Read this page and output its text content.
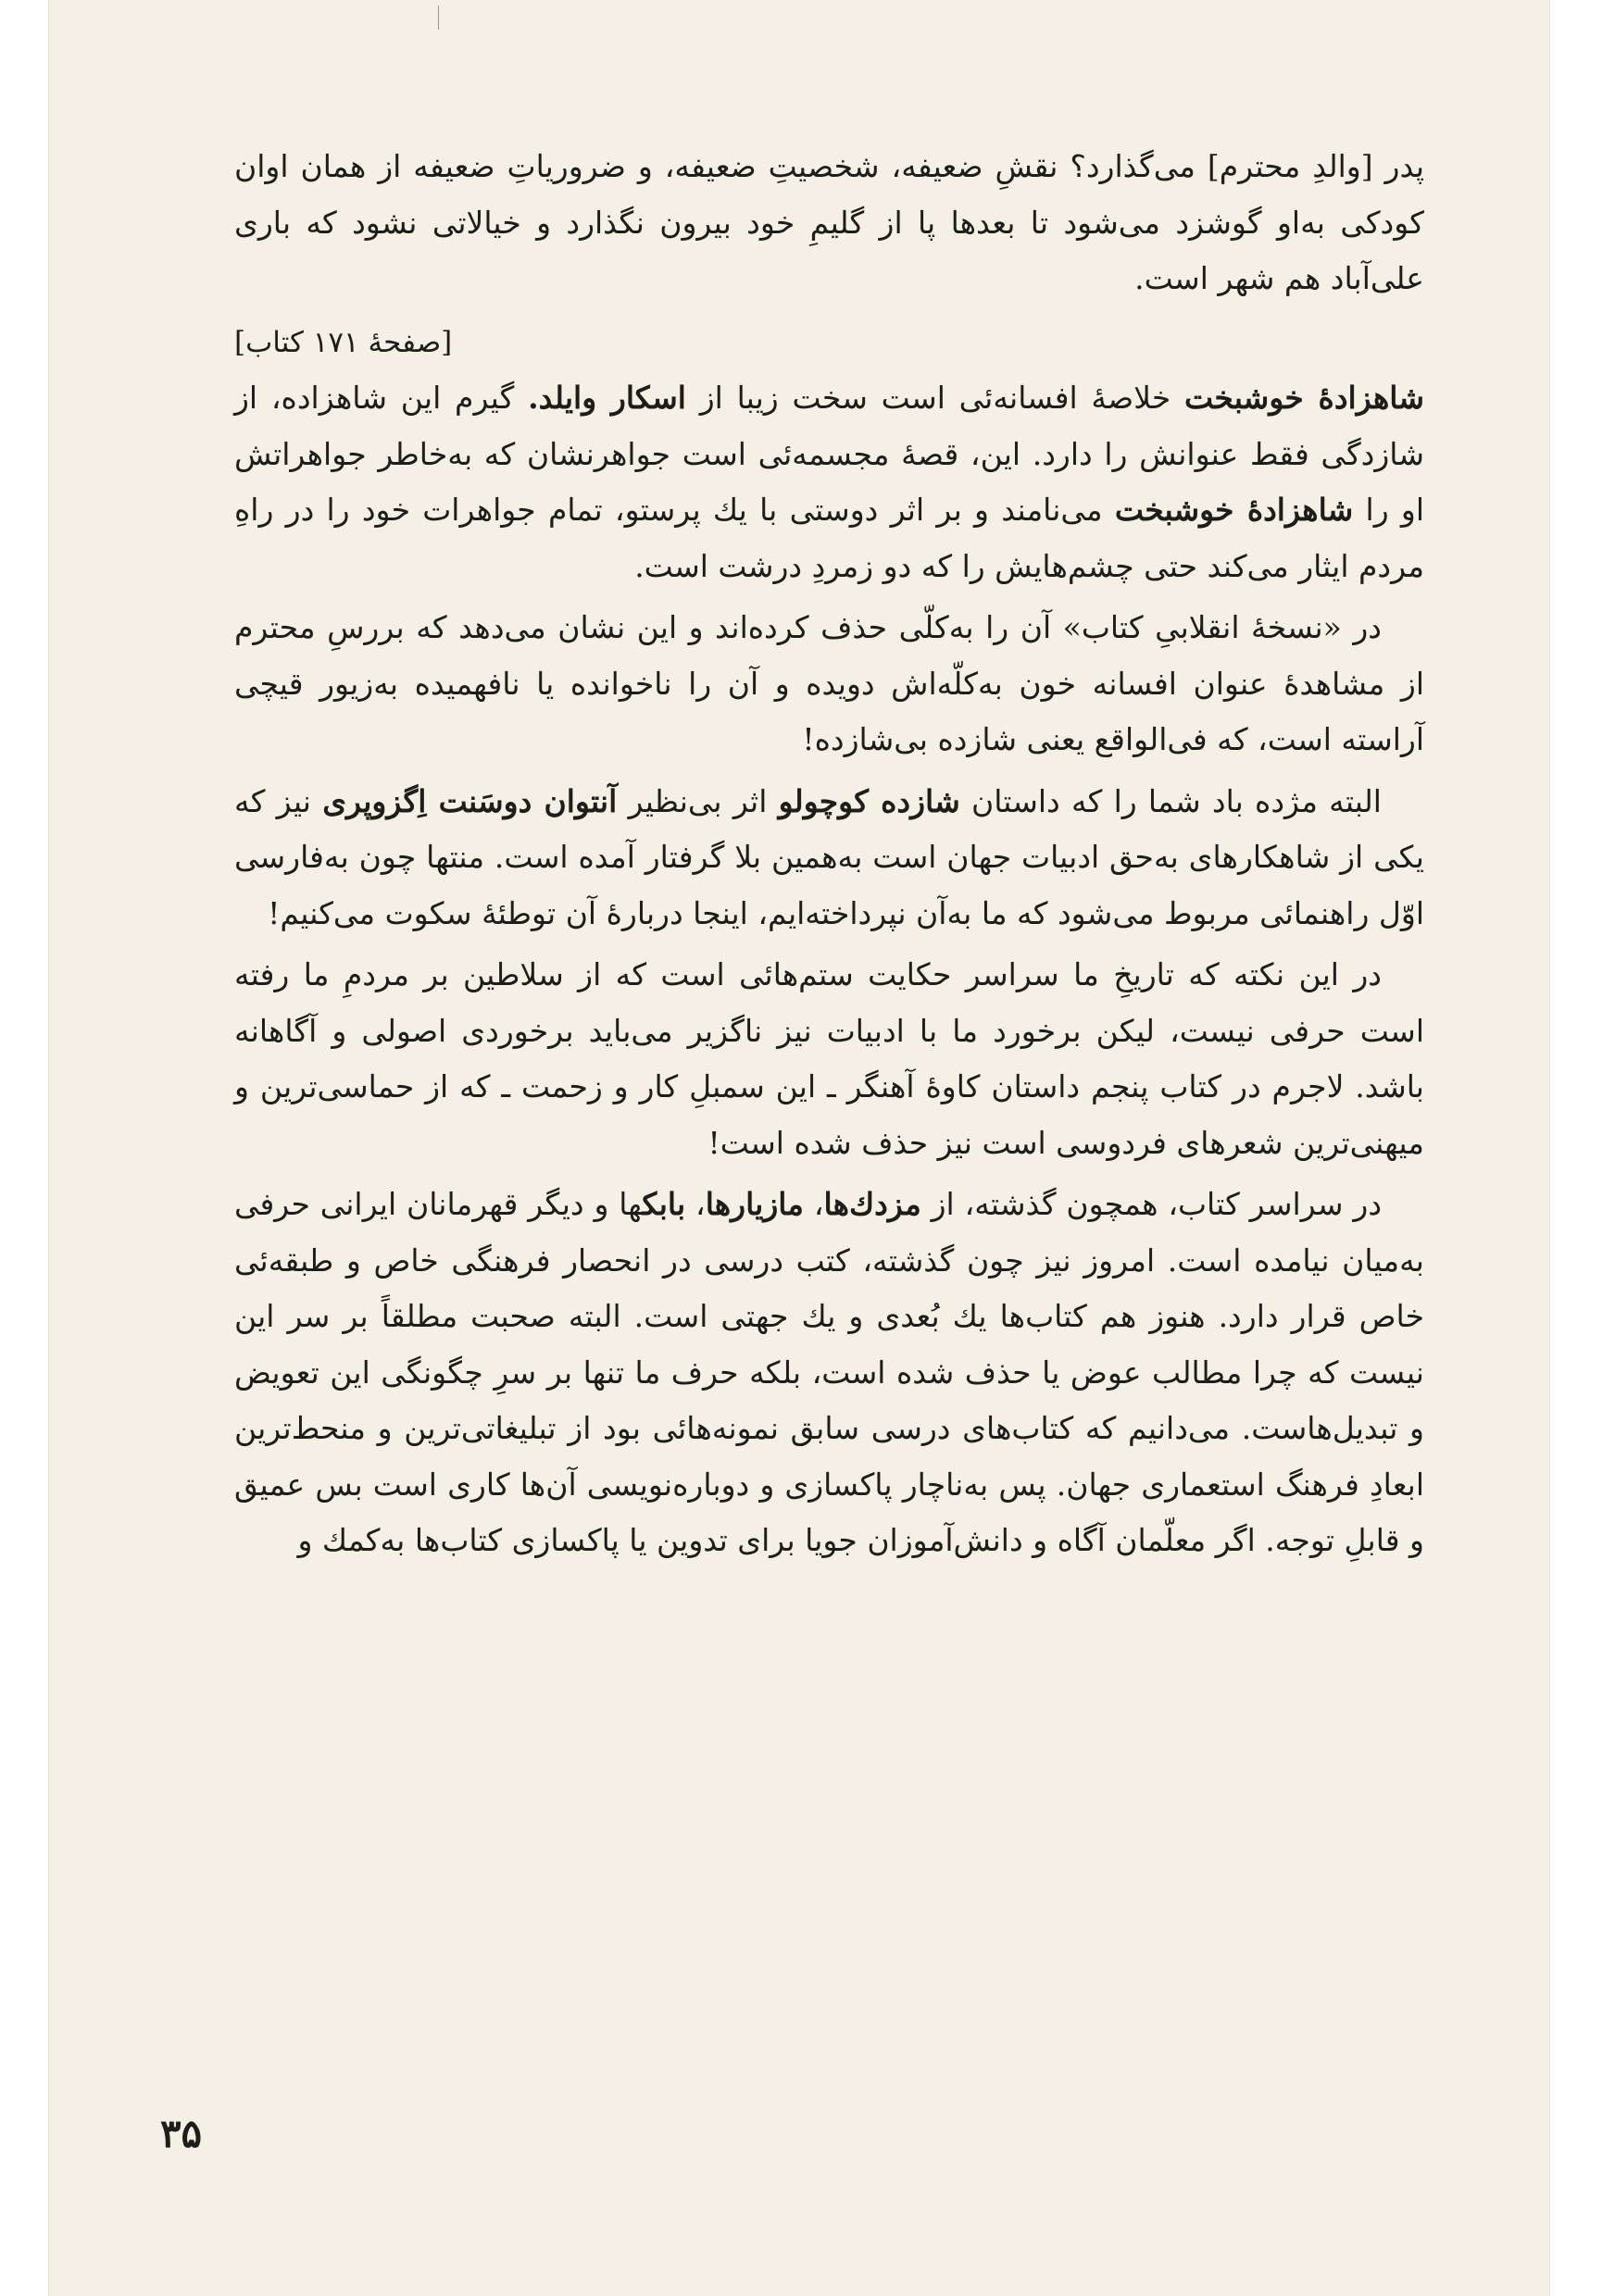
پدر [والدِ محترم] می‌گذارد؟ نقشِ ضعیفه، شخصیتِ ضعیفه، و ضروریاتِ ضعیفه از همان اوان کودکی به‌او گوشزد می‌شود تا بعدها پا از گلیمِ خود بیرون نگذارد و خیالاتی نشود که باری علی‌آباد هم شهر است.

[صفحهٔ ۱۷۱ کتاب]

شاهزادهٔ خوشبخت خلاصهٔ افسانه‌ئی است سخت زیبا از اسکار وایلد. گیرم این شاهزاده، از شازدگی فقط عنوانش را دارد. این، قصهٔ مجسمه‌ئی است جواهرنشان که به‌خاطر جواهراتش او را شاهزادهٔ خوشبخت می‌نامند و بر اثر دوستی با یك پرستو، تمام جواهرات خود را در راهِ مردم ایثار می‌کند حتی چشم‌هایش را که دو زمردِ درشت است.

در «نسخهٔ انقلابیِ کتاب» آن را به‌کلّی حذف کرده‌اند و این نشان می‌دهد که بررسِ محترم از مشاهدهٔ عنوان افسانه خون به‌کلّه‌اش دویده و آن را ناخوانده یا نافهمیده به‌زیور قیچی آراسته است، که فی‌الواقع یعنی شازده بی‌شازده!

البته مژده باد شما را که داستان شازده کوچولو اثر بی‌نظیر آنتوان دوسَنت اِگزوپری نیز که یکی از شاهکارهای به‌حق ادبیات جهان است به‌همین بلا گرفتار آمده است. منتها چون به‌فارسی اوّل راهنمائی مربوط می‌شود که ما به‌آن نپرداخته‌ایم، اینجا دربارهٔ آن توطئهٔ سکوت می‌کنیم!

در این نکته که تاریخِ ما سراسر حکایت ستم‌هائی است که از سلاطین بر مردمِ ما رفته است حرفی نیست، لیکن برخورد ما با ادبیات نیز ناگزیر می‌باید برخوردی اصولی و آگاهانه باشد. لاجرم در کتاب پنجم داستان کاوهٔ آهنگر ـ این سمبلِ کار و زحمت ـ که از حماسی‌ترین و میهنی‌ترین شعرهای فردوسی است نیز حذف شده است!

در سراسر کتاب، همچون گذشته، از مزدك‌ها، مازیارها، بابكها و دیگر قهرمانان ایرانی حرفی به‌میان نیامده است. امروز نیز چون گذشته، کتب درسی در انحصار فرهنگی خاص و طبقه‌ئی خاص قرار دارد. هنوز هم کتاب‌ها یك بُعدی و یك جهتی است. البته صحبت مطلقاً بر سر این نیست که چرا مطالب عوض یا حذف شده است، بلکه حرف ما تنها بر سرِ چگونگی این تعویض و تبدیل‌هاست. می‌دانیم که کتاب‌های درسی سابق نمونه‌هائی بود از تبلیغاتی‌ترین و منحط‌ترین ابعادِ فرهنگ استعماری جهان. پس به‌ناچار پاکسازی و دوباره‌نویسی آن‌ها کاری است بس عمیق و قابلِ توجه. اگر معلّمان آگاه و دانش‌آموزان جویا برای تدوین یا پاکسازی کتاب‌ها به‌کمك و

۳۵
